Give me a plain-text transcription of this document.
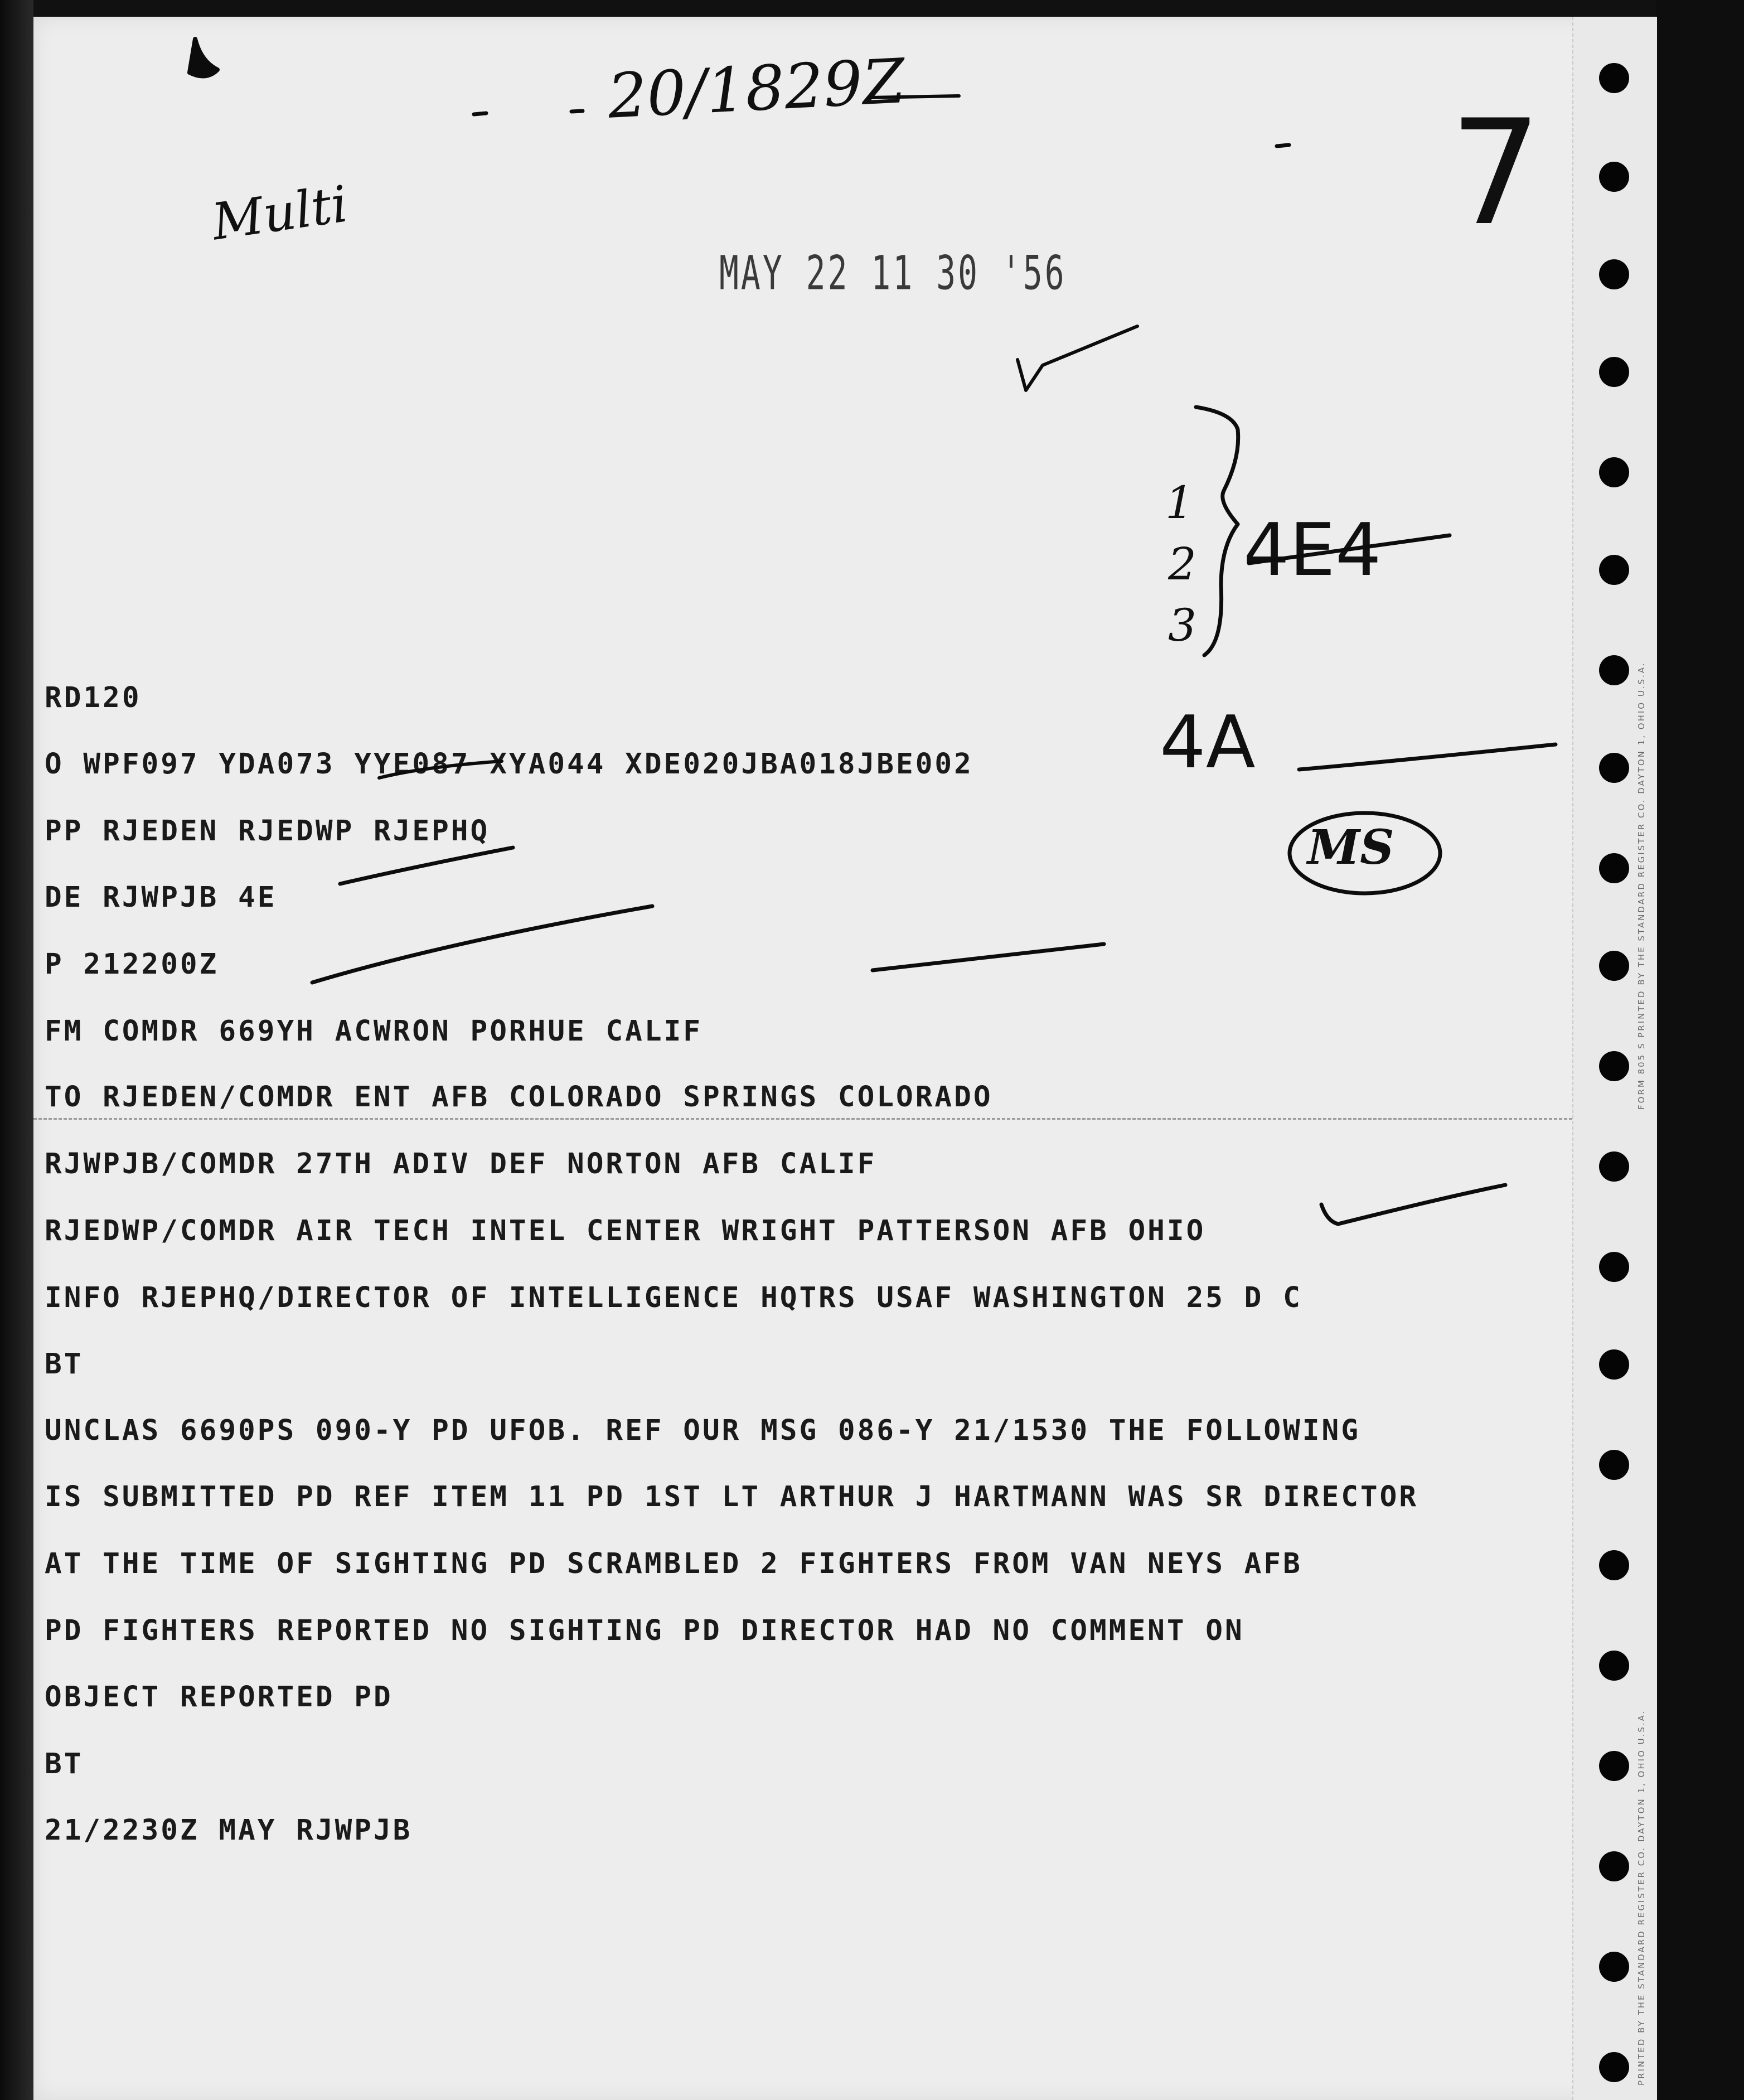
FORM 805 S PRINTED BY THE STANDARD REGISTER CO. DAYTON 1, OHIO U.S.A.
PRINTED BY THE STANDARD REGISTER CO. DAYTON 1, OHIO U.S.A.
20/1829Z
Multi	7
1
2
3
4E4
4A
MS
MAY 22 11 30 '56
RD120
O WPF097 YDA073 YYE087 XYA044 XDE020JBA018JBE002
PP RJEDEN RJEDWP RJEPHQ
DE RJWPJB 4E
P 212200Z
FM COMDR 669YH ACWRON PORHUE CALIF
TO RJEDEN/COMDR ENT AFB COLORADO SPRINGS COLORADO
RJWPJB/COMDR 27TH ADIV DEF NORTON AFB CALIF
RJEDWP/COMDR AIR TECH INTEL CENTER WRIGHT PATTERSON AFB OHIO
INFO RJEPHQ/DIRECTOR OF INTELLIGENCE HQTRS USAF WASHINGTON 25 D C
BT
UNCLAS 6690PS 090-Y PD UFOB. REF OUR MSG 086-Y 21/1530 THE FOLLOWING
IS SUBMITTED PD REF ITEM 11 PD 1ST LT ARTHUR J HARTMANN WAS SR DIRECTOR
AT THE TIME OF SIGHTING PD SCRAMBLED 2 FIGHTERS FROM VAN NEYS AFB
PD FIGHTERS REPORTED NO SIGHTING PD DIRECTOR HAD NO COMMENT ON
OBJECT REPORTED PD
BT
21/2230Z MAY RJWPJB
